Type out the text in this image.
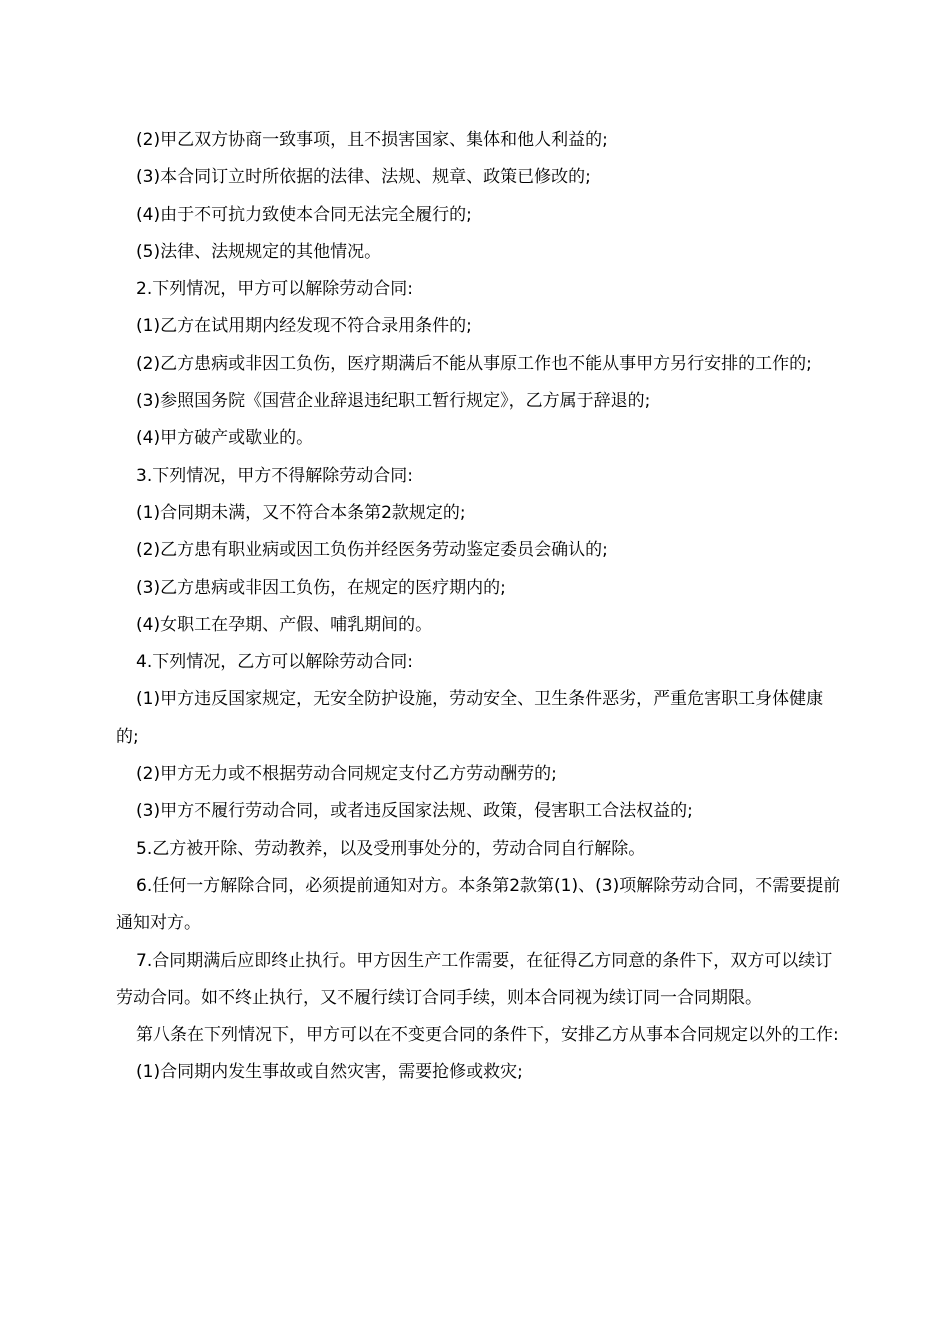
(2)甲乙双方协商一致事项，且不损害国家、集体和他人利益的;

(3)本合同订立时所依据的法律、法规、规章、政策已修改的;

(4)由于不可抗力致使本合同无法完全履行的;

(5)法律、法规规定的其他情况。

2.下列情况，甲方可以解除劳动合同:

(1)乙方在试用期内经发现不符合录用条件的;

(2)乙方患病或非因工负伤，医疗期满后不能从事原工作也不能从事甲方另行安排的工作的;

(3)参照国务院《国营企业辞退违纪职工暂行规定》，乙方属于辞退的;

(4)甲方破产或歇业的。

3.下列情况，甲方不得解除劳动合同:

(1)合同期未满，又不符合本条第2款规定的;

(2)乙方患有职业病或因工负伤并经医务劳动鉴定委员会确认的;

(3)乙方患病或非因工负伤，在规定的医疗期内的;

(4)女职工在孕期、产假、哺乳期间的。

4.下列情况，乙方可以解除劳动合同:

(1)甲方违反国家规定，无安全防护设施，劳动安全、卫生条件恶劣，严重危害职工身体健康的;

(2)甲方无力或不根据劳动合同规定支付乙方劳动酬劳的;

(3)甲方不履行劳动合同，或者违反国家法规、政策，侵害职工合法权益的;

5.乙方被开除、劳动教养，以及受刑事处分的，劳动合同自行解除。

6.任何一方解除合同，必须提前通知对方。本条第2款第(1)、(3)项解除劳动合同，不需要提前通知对方。

7.合同期满后应即终止执行。甲方因生产工作需要，在征得乙方同意的条件下，双方可以续订劳动合同。如不终止执行，又不履行续订合同手续，则本合同视为续订同一合同期限。

第八条在下列情况下，甲方可以在不变更合同的条件下，安排乙方从事本合同规定以外的工作:

(1)合同期内发生事故或自然灾害，需要抢修或救灾;
